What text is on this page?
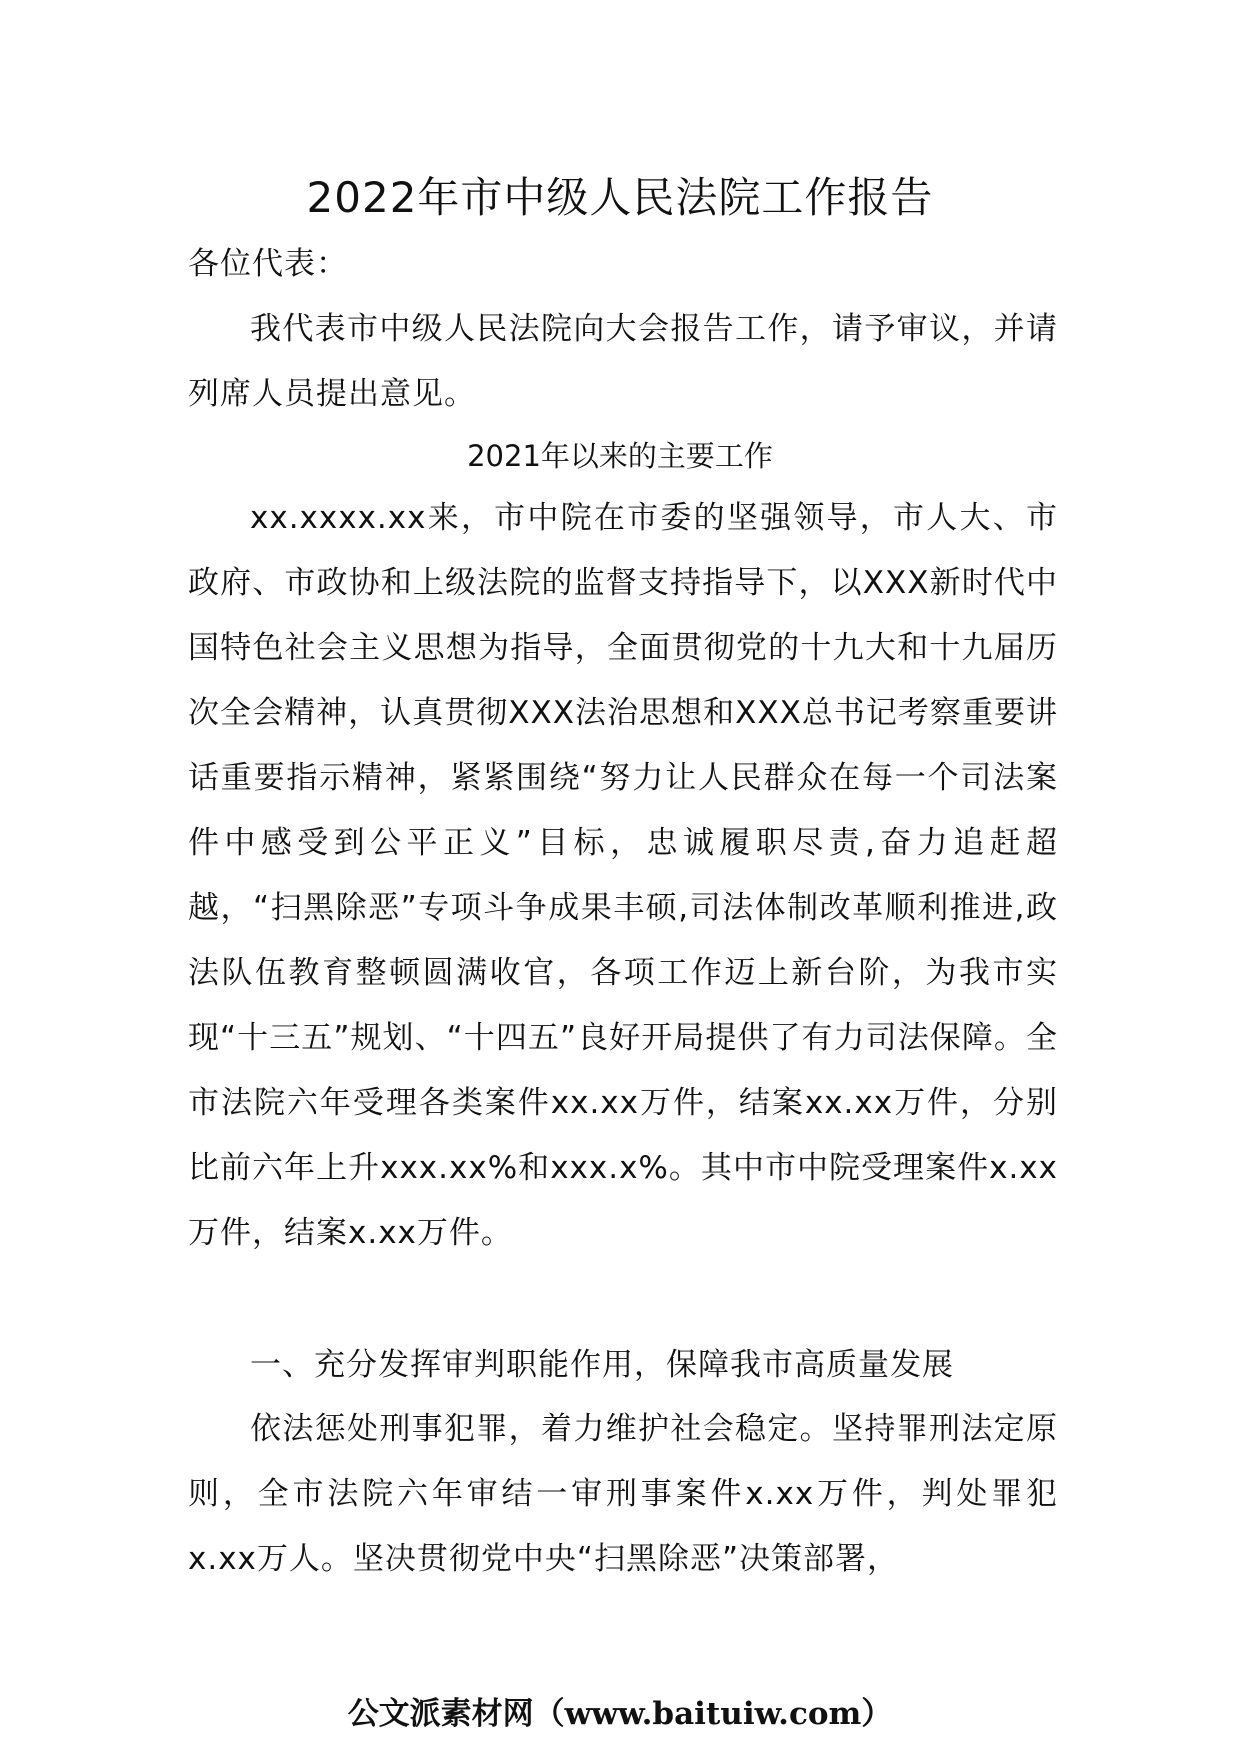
2022年市中级人民法院工作报告
各位代表：
我代表市中级人民法院向大会报告工作，请予审议，并请列席人员提出意见。
2021年以来的主要工作
xx.xxxx.xx来，市中院在市委的坚强领导，市人大、市政府、市政协和上级法院的监督支持指导下，以XXX新时代中国特色社会主义思想为指导，全面贯彻党的十九大和十九届历次全会精神，认真贯彻XXX法治思想和XXX总书记考察重要讲话重要指示精神，紧紧围绕“努力让人民群众在每一个司法案件中感受到公平正义”目标，忠诚履职尽责,奋力追赶超越，“扫黑除恶”专项斗争成果丰硕,司法体制改革顺利推进,政法队伍教育整顿圆满收官，各项工作迈上新台阶，为我市实现“十三五”规划、“十四五”良好开局提供了有力司法保障。全市法院六年受理各类案件xx.xx万件，结案xx.xx万件，分别比前六年上升xxx.xx%和xxx.x%。其中市中院受理案件x.xx万件，结案x.xx万件。
一、充分发挥审判职能作用，保障我市高质量发展
依法惩处刑事犯罪，着力维护社会稳定。坚持罪刑法定原则，全市法院六年审结一审刑事案件x.xx万件，判处罪犯x.xx万人。坚决贯彻党中央“扫黑除恶”决策部署，
公文派素材网（www.baituiw.com）
